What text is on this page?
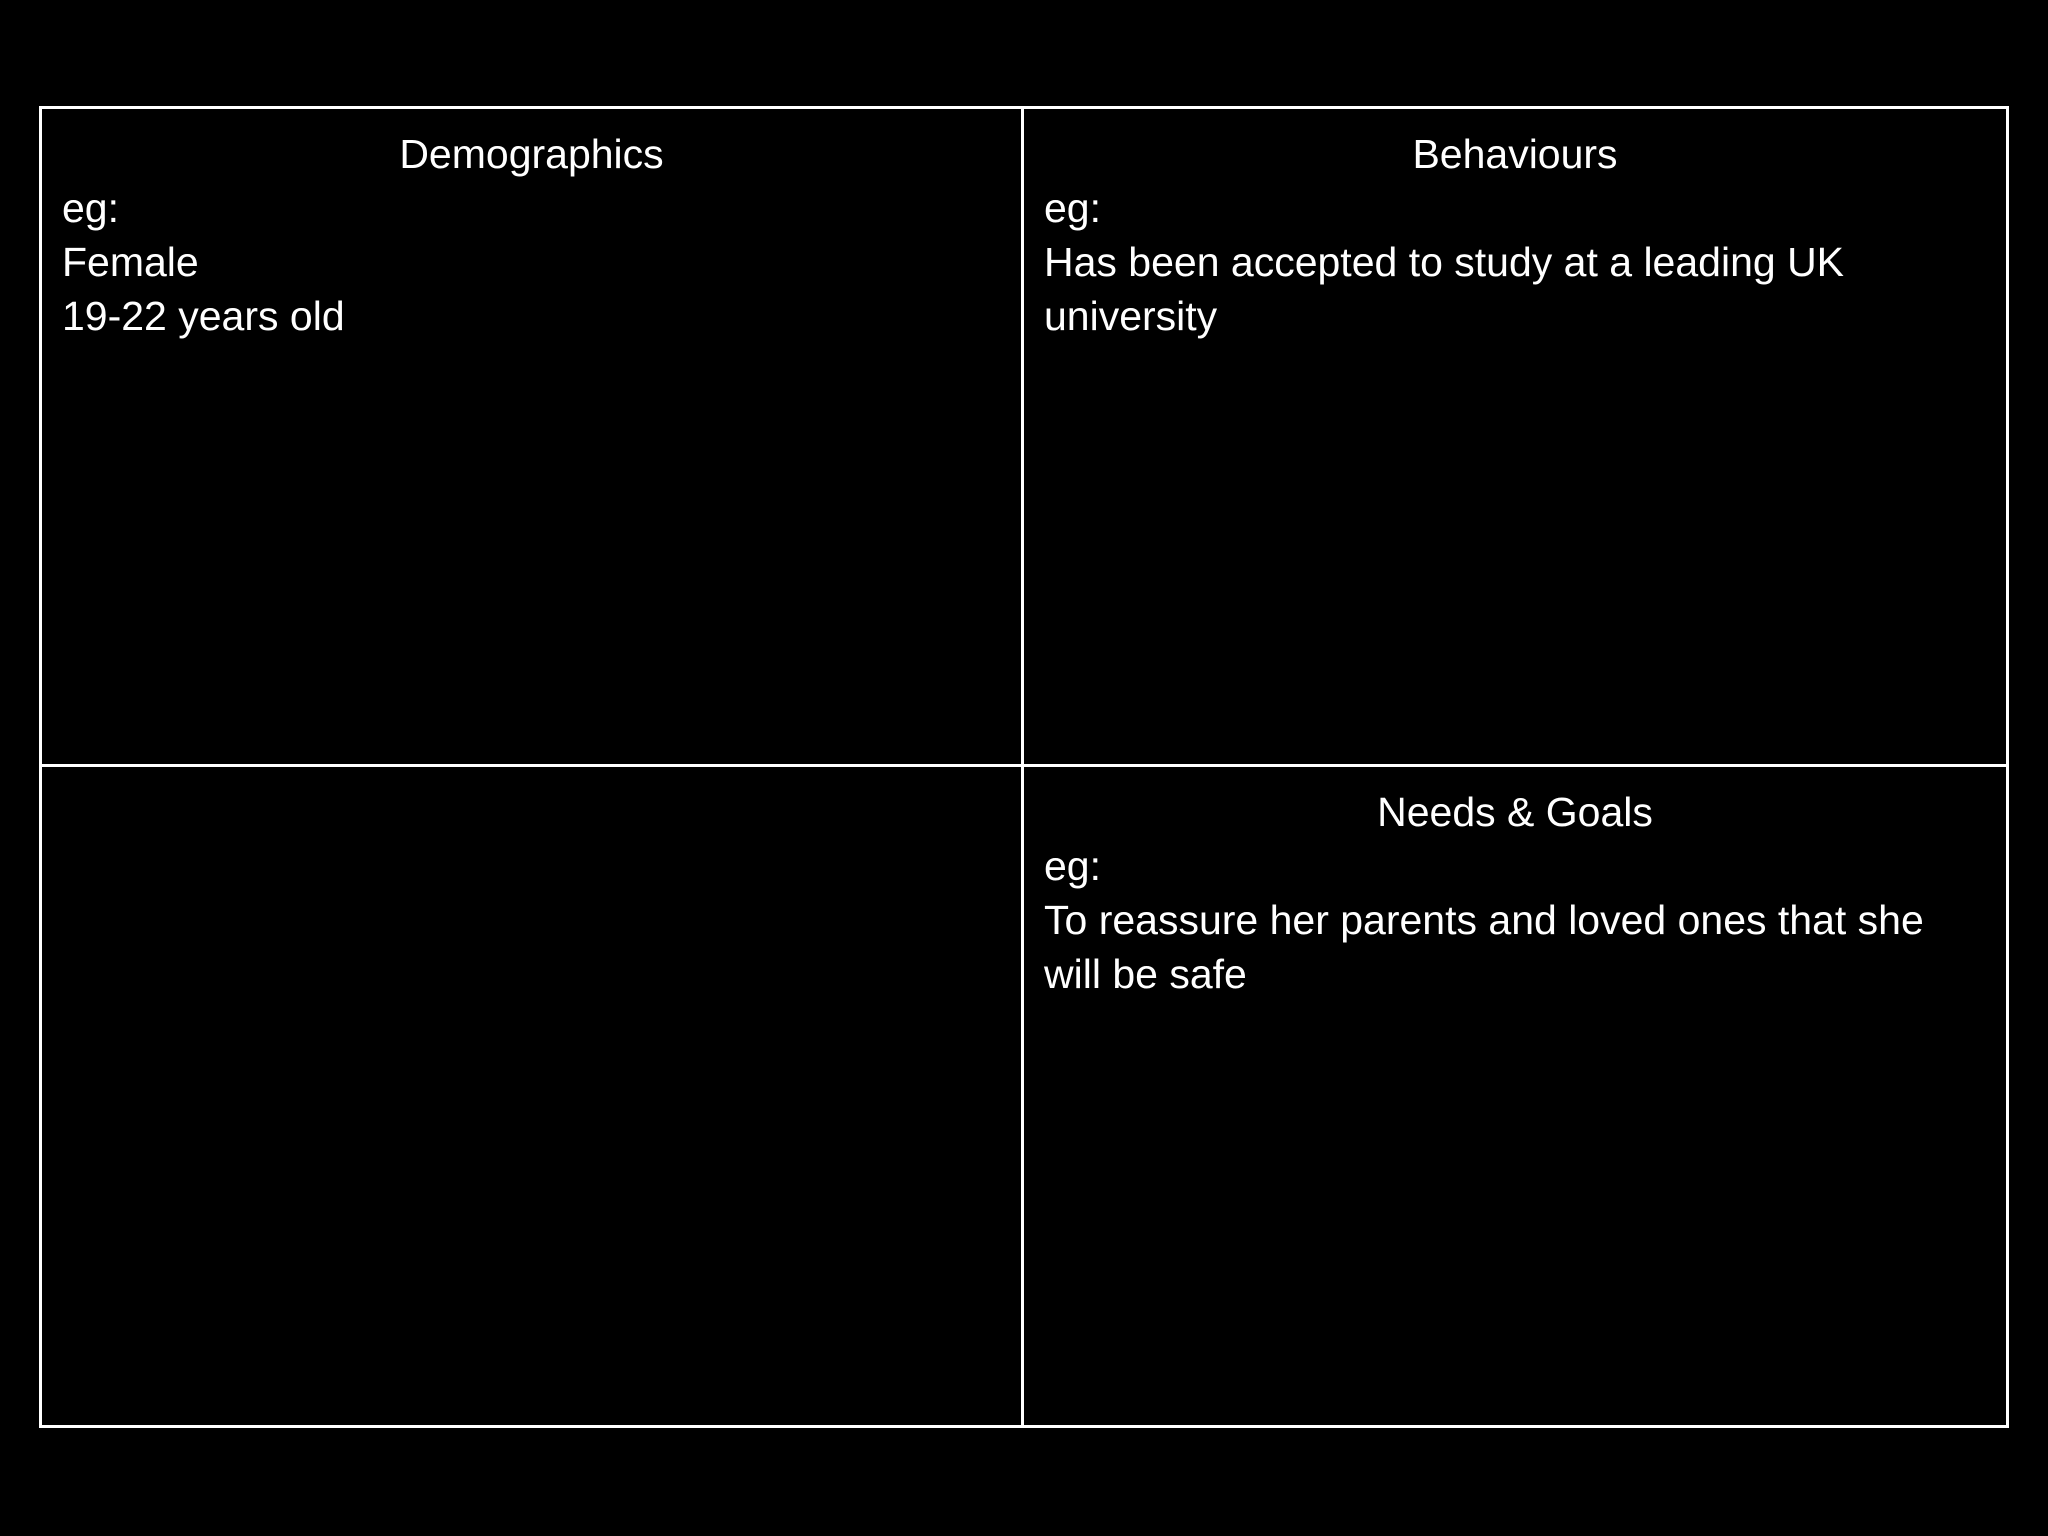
Demographics
eg:
Female
19-22 years old
Behaviours
eg:
Has been accepted to study at a leading UK university
Needs & Goals
eg:
To reassure her parents and loved ones that she will be safe
